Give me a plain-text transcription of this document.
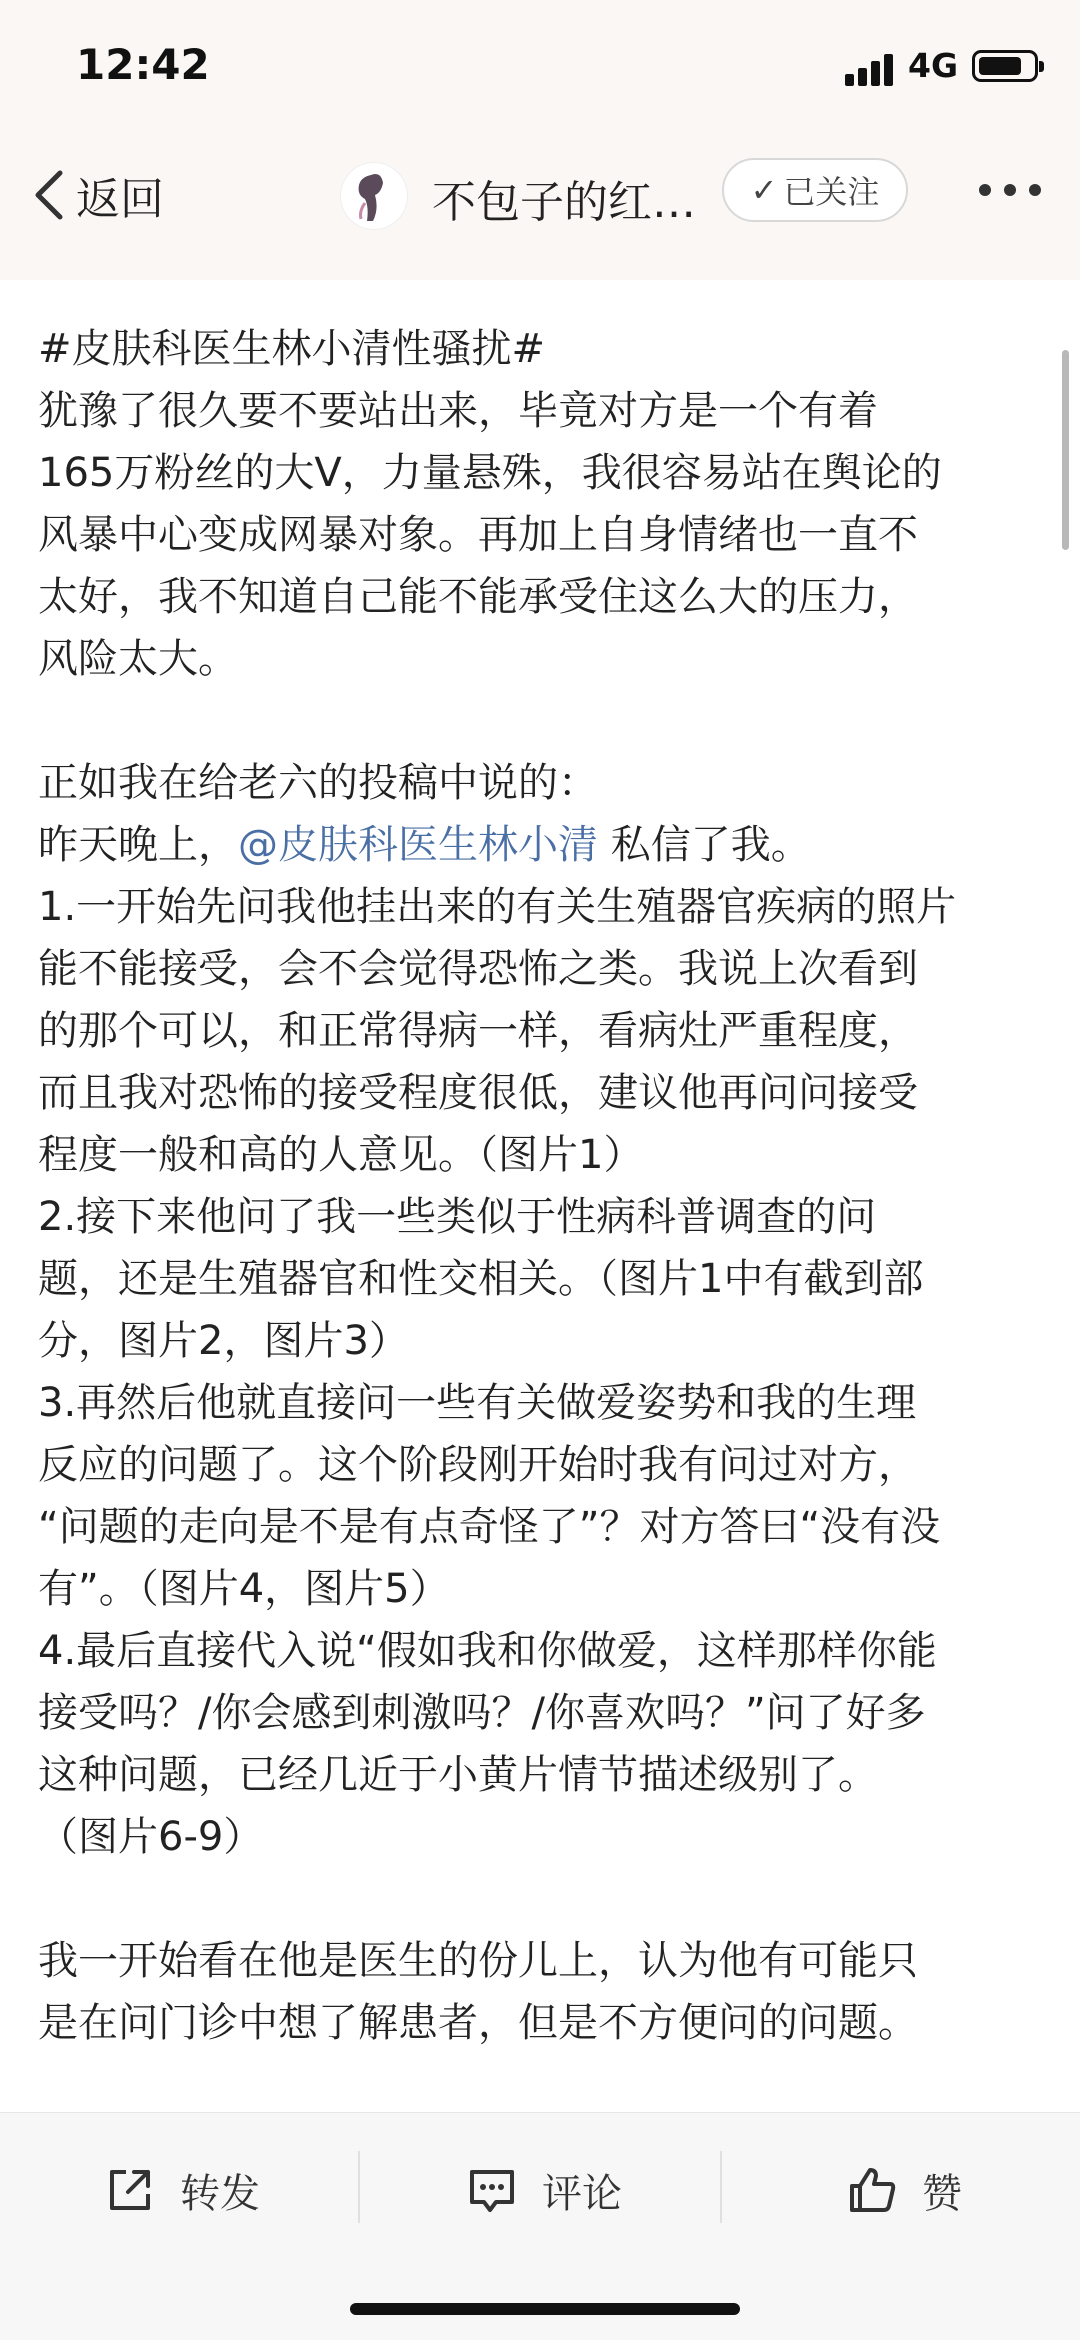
12:42	4G
返回	不包子的红… ✓ 已关注

#皮肤科医生林小清性骚扰#

犹豫了很久要不要站出来，毕竟对方是一个有着

165万粉丝的大V，力量悬殊，我很容易站在舆论的

风暴中心变成网暴对象。再加上自身情绪也一直不

太好，我不知道自己能不能承受住这么大的压力，

风险太大。

正如我在给老六的投稿中说的：

昨天晚上，@皮肤科医生林小清 私信了我。

1.一开始先问我他挂出来的有关生殖器官疾病的照片

能不能接受，会不会觉得恐怖之类。我说上次看到

的那个可以，和正常得病一样，看病灶严重程度，

而且我对恐怖的接受程度很低，建议他再问问接受

程度一般和高的人意见。（图片1）

2.接下来他问了我一些类似于性病科普调查的问

题，还是生殖器官和性交相关。（图片1中有截到部

分，图片2，图片3）

3.再然后他就直接问一些有关做爱姿势和我的生理

反应的问题了。这个阶段刚开始时我有问过对方，

“问题的走向是不是有点奇怪了”？对方答曰“没有没

有”。（图片4，图片5）

4.最后直接代入说“假如我和你做爱，这样那样你能

接受吗？/你会感到刺激吗？/你喜欢吗？”问了好多

这种问题，已经几近于小黄片情节描述级别了。

（图片6-9）

我一开始看在他是医生的份儿上，认为他有可能只

是在问门诊中想了解患者，但是不方便问的问题。

转发	评论	赞
